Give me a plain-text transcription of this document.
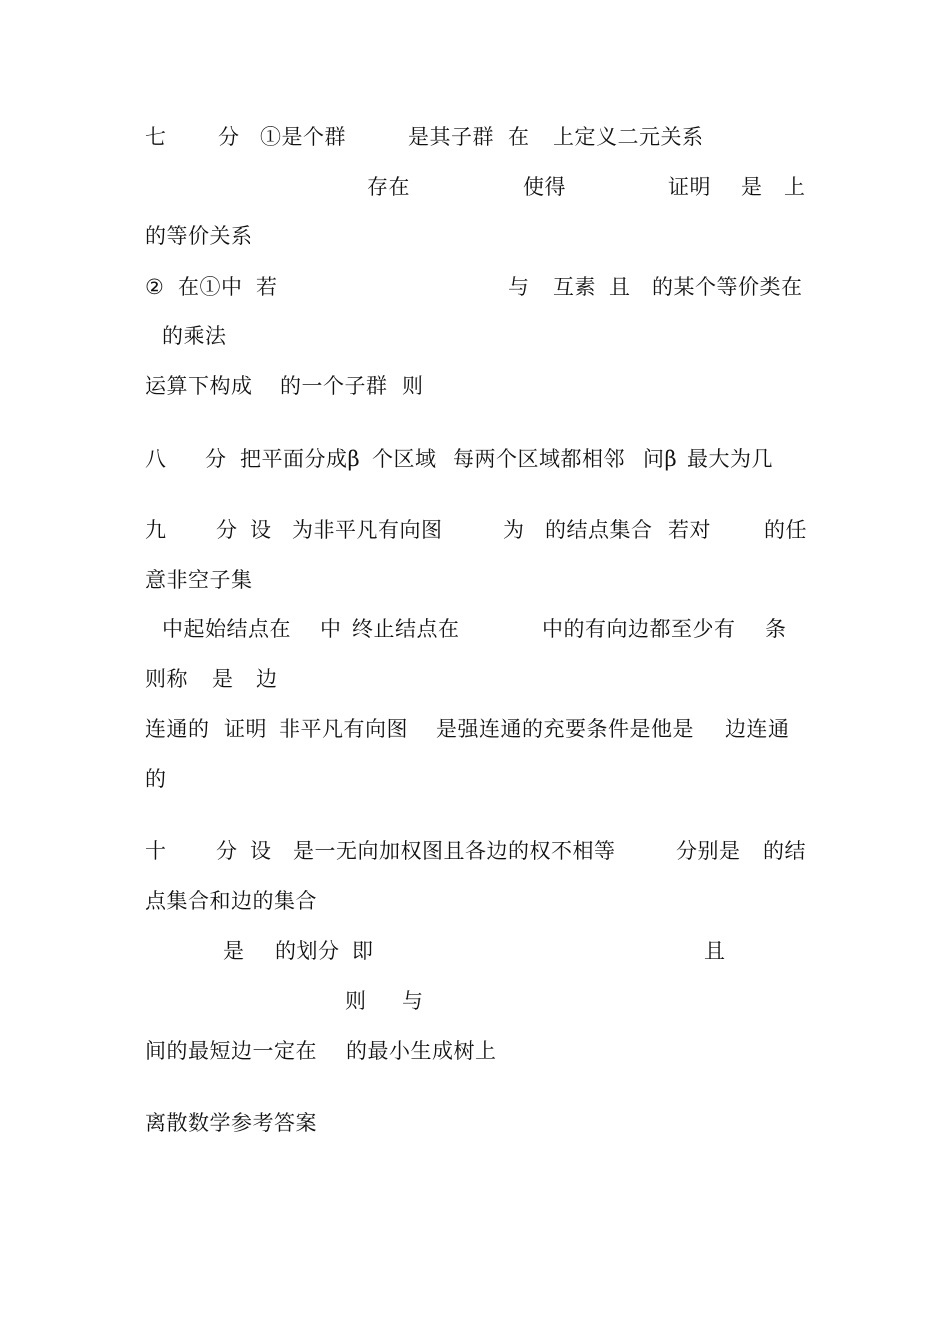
七 分 ①是个群	是其子群 在 上定义二元关系
存在	使得	证明 是 上
的等价关系
② 在①中 若	与 互素 且 的某个等价类在
的乘法
运算下构成 的一个子群 则
八 分 把平面分成β 个区域 每两个区域都相邻 问β 最大为几
九 分 设 为非平凡有向图	为 的结点集合 若对	的任
意非空子集
中起始结点在 中 终止结点在	中的有向边都至少有 条
则称 是 边
连通的 证明 非平凡有向图 是强连通的充要条件是他是 边连通
的
十 分 设 是一无向加权图且各边的权不相等	分别是 的结
点集合和边的集合
是 的划分 即	且
则 与
间的最短边一定在 的最小生成树上
离散数学参考答案
